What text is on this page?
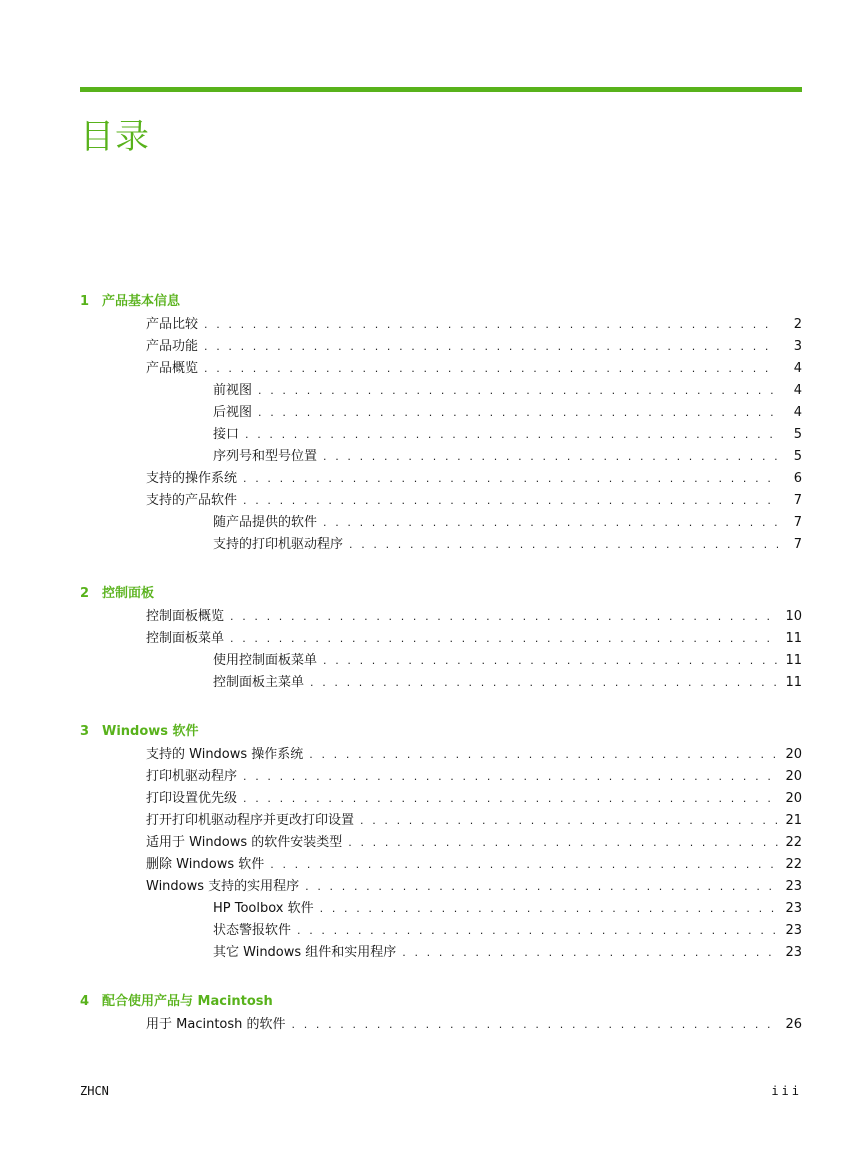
目录
1 产品基本信息
产品比较 . . .	2
产品功能 . . .	3
产品概览 . . .	4
前视图 . . .	4
后视图 . . .	4
接口 . . .	5
序列号和型号位置 . . .	5
支持的操作系统 . . .	6
支持的产品软件 . . .	7
随产品提供的软件 . . .	7
支持的打印机驱动程序 . . .	7
2 控制面板
控制面板概览 . . .	10
控制面板菜单 . . .	11
使用控制面板菜单 . . .	11
控制面板主菜单 . . .	11
3 Windows 软件
支持的 Windows 操作系统 . . .	20
打印机驱动程序 . . .	20
打印设置优先级 . . .	20
打开打印机驱动程序并更改打印设置 . . .	21
适用于 Windows 的软件安装类型 . . .	22
删除 Windows 软件 . . .	22
Windows 支持的实用程序 . . .	23
HP Toolbox 软件 . . .	23
状态警报软件 . . .	23
其它 Windows 组件和实用程序 . . .	23
4 配合使用产品与 Macintosh
用于 Macintosh 的软件 . . .	26
ZHCN	iii
